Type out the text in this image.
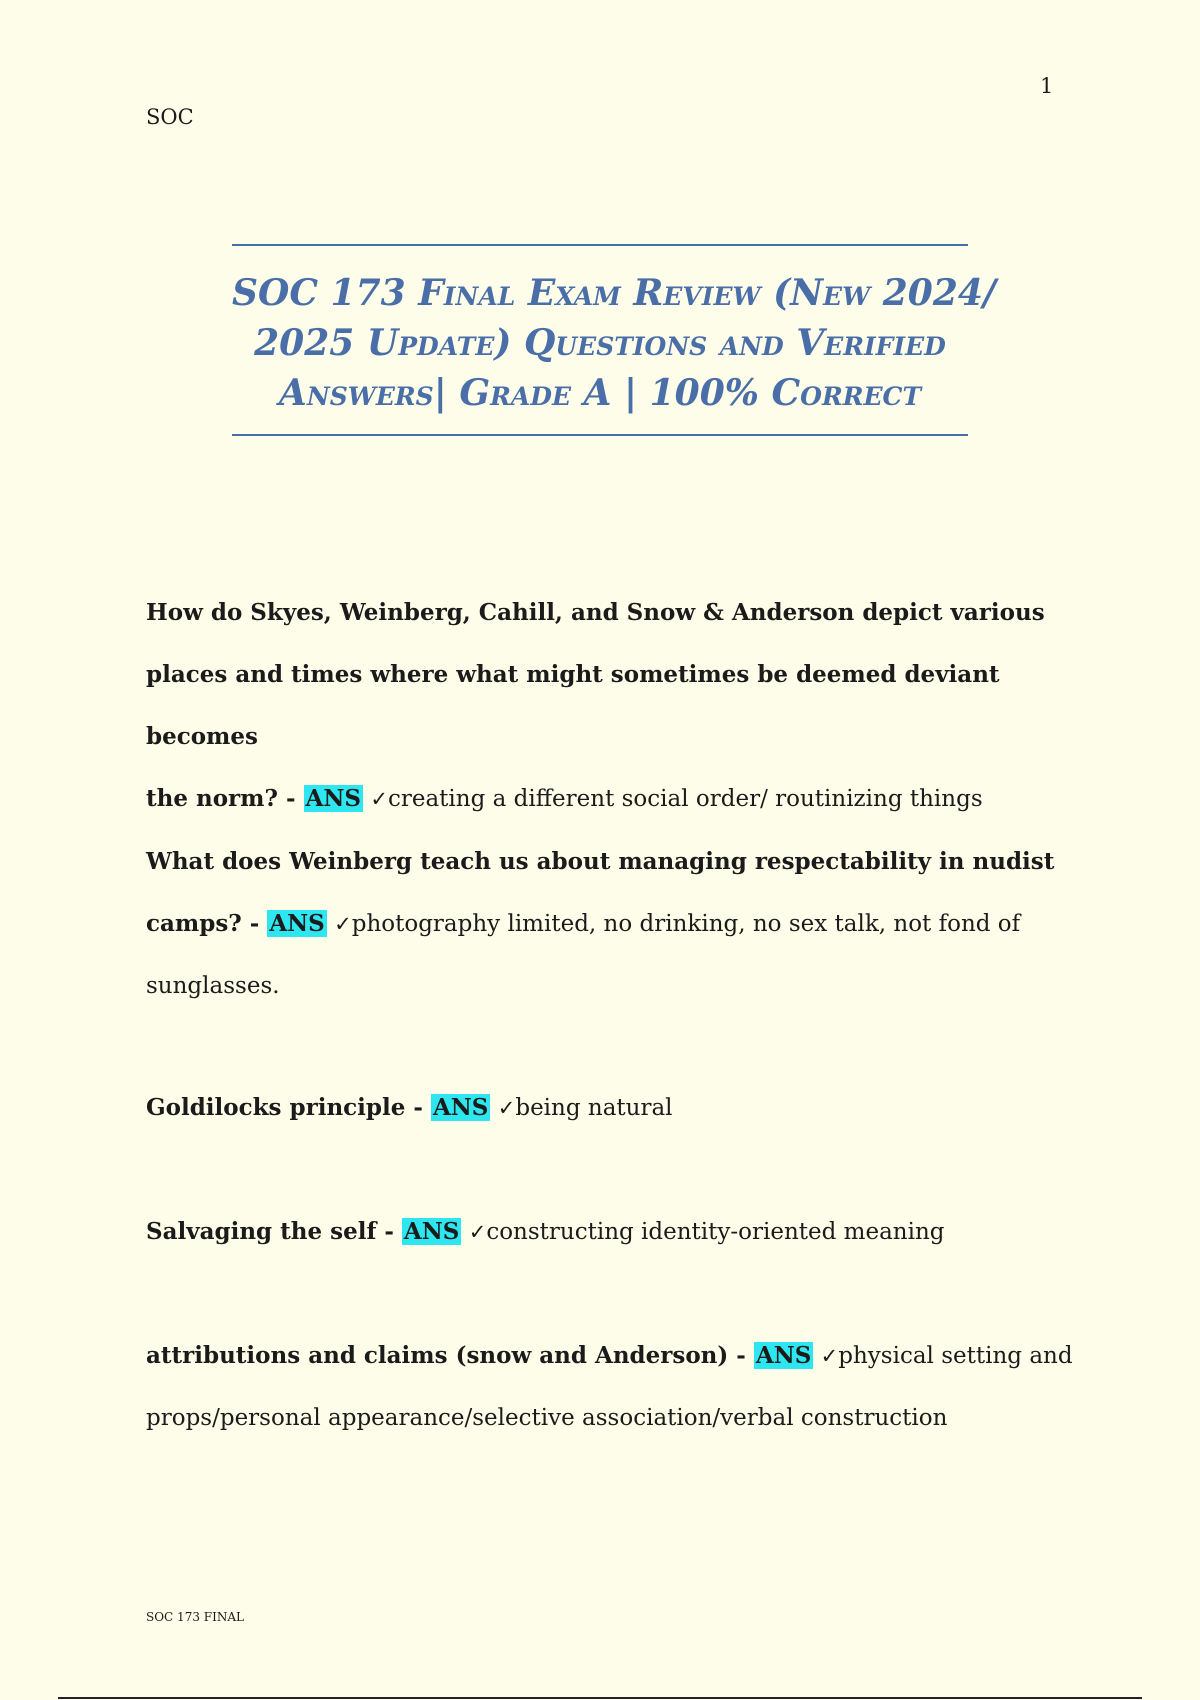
1
SOC
SOC 173 Final Exam Review (New 2024/
2025 Update) Questions and Verified
Answers| Grade A | 100% Correct
How do Skyes, Weinberg, Cahill, and Snow & Anderson depict various
places and times where what might sometimes be deemed deviant becomes
the norm? - ANS ✓creating a different social order/ routinizing things
What does Weinberg teach us about managing respectability in nudist
camps? - ANS ✓photography limited, no drinking, no sex talk, not fond of
sunglasses.
Goldilocks principle - ANS ✓being natural
Salvaging the self - ANS ✓constructing identity-oriented meaning
attributions and claims (snow and Anderson) - ANS ✓physical setting and
props/personal appearance/selective association/verbal construction
SOC 173 FINAL
